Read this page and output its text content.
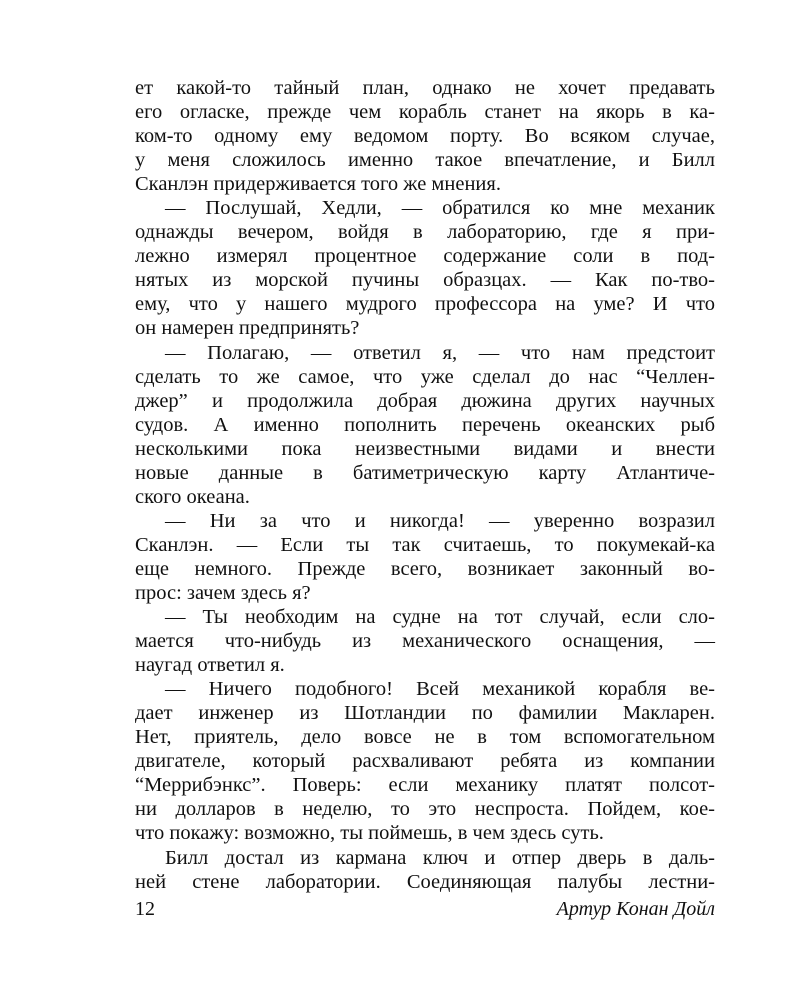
ет какой-то тайный план, однако не хочет предавать
его огласке, прежде чем корабль станет на якорь в ка-
ком-то одному ему ведомом порту. Во всяком случае,
у меня сложилось именно такое впечатление, и Билл
Сканлэн придерживается того же мнения.
— Послушай, Хедли, — обратился ко мне механик
однажды вечером, войдя в лабораторию, где я при-
лежно измерял процентное содержание соли в под-
нятых из морской пучины образцах. — Как по-тво-
ему, что у нашего мудрого профессора на уме? И что
он намерен предпринять?
— Полагаю, — ответил я, — что нам предстоит
сделать то же самое, что уже сделал до нас “Челлен-
джер” и продолжила добрая дюжина других научных
судов. А именно пополнить перечень океанских рыб
несколькими пока неизвестными видами и внести
новые данные в батиметрическую карту Атлантиче-
ского океана.
— Ни за что и никогда! — уверенно возразил
Сканлэн. — Если ты так считаешь, то покумекай-ка
еще немного. Прежде всего, возникает законный во-
прос: зачем здесь я?
— Ты необходим на судне на тот случай, если сло-
мается что-нибудь из механического оснащения, —
наугад ответил я.
— Ничего подобного! Всей механикой корабля ве-
дает инженер из Шотландии по фамилии Макларен.
Нет, приятель, дело вовсе не в том вспомогательном
двигателе, который расхваливают ребята из компании
“Меррибэнкс”. Поверь: если механику платят полсот-
ни долларов в неделю, то это неспроста. Пойдем, кое-
что покажу: возможно, ты поймешь, в чем здесь суть.
Билл достал из кармана ключ и отпер дверь в даль-
ней стене лаборатории. Соединяющая палубы лестни-
12	Артур Конан Дойл
